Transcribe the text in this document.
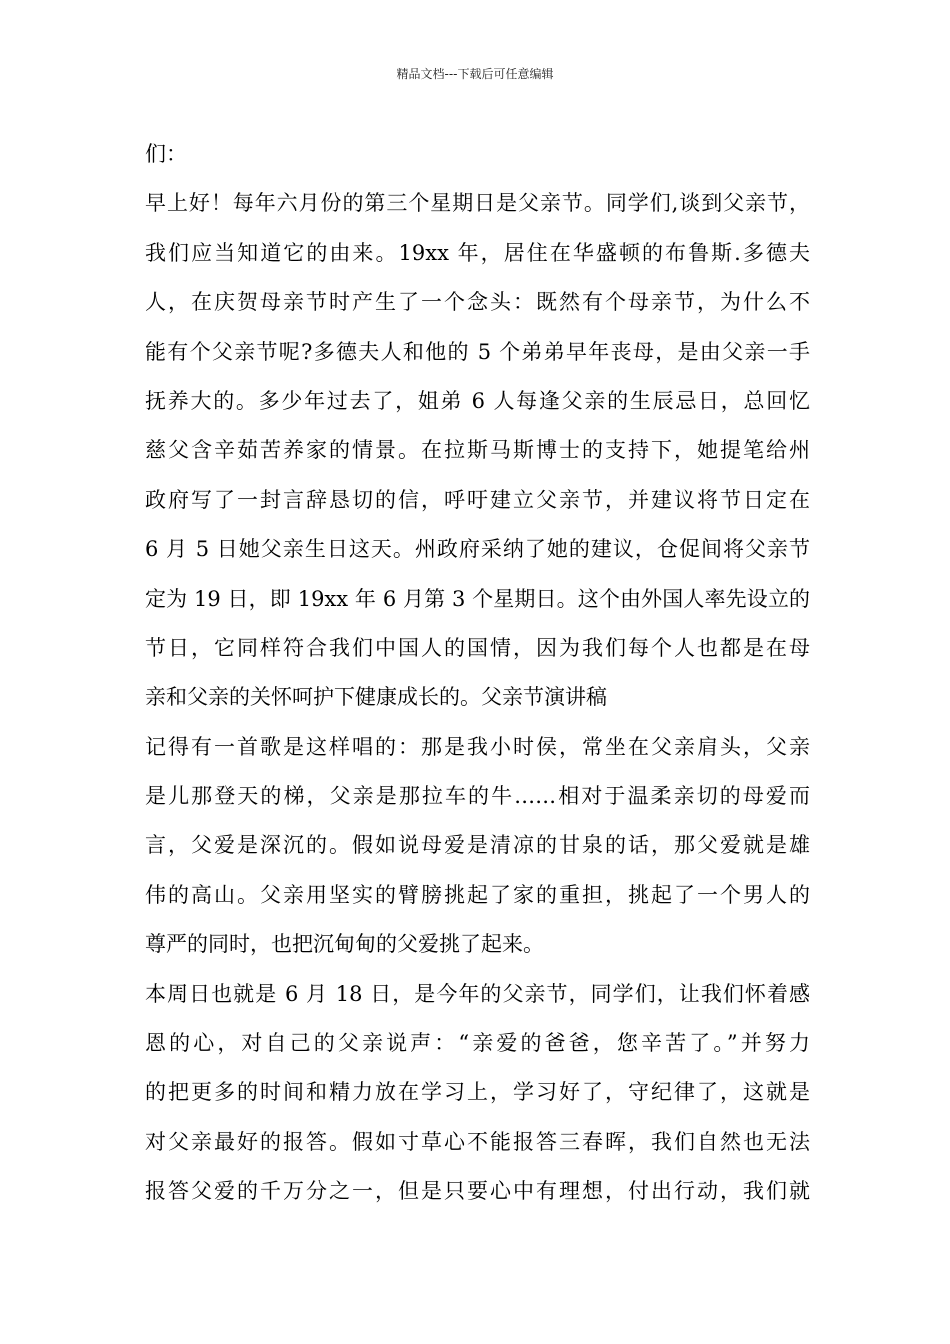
精品文档---下载后可任意编辑
们：
早上好！每年六月份的第三个星期日是父亲节。同学们,谈到父亲节，
我们应当知道它的由来。19xx 年，居住在华盛顿的布鲁斯.多德夫
人，在庆贺母亲节时产生了一个念头：既然有个母亲节，为什么不
能有个父亲节呢?多德夫人和他的 5 个弟弟早年丧母，是由父亲一手
抚养大的。多少年过去了，姐弟 6 人每逢父亲的生辰忌日，总回忆
慈父含辛茹苦养家的情景。在拉斯马斯博士的支持下，她提笔给州
政府写了一封言辞恳切的信，呼吁建立父亲节，并建议将节日定在
6 月 5 日她父亲生日这天。州政府采纳了她的建议，仓促间将父亲节
定为 19 日，即 19xx 年 6 月第 3 个星期日。这个由外国人率先设立的
节日，它同样符合我们中国人的国情，因为我们每个人也都是在母
亲和父亲的关怀呵护下健康成长的。父亲节演讲稿
记得有一首歌是这样唱的：那是我小时侯，常坐在父亲肩头，父亲
是儿那登天的梯，父亲是那拉车的牛……相对于温柔亲切的母爱而
言，父爱是深沉的。假如说母爱是清凉的甘泉的话，那父爱就是雄
伟的高山。父亲用坚实的臂膀挑起了家的重担，挑起了一个男人的
尊严的同时，也把沉甸甸的父爱挑了起来。
本周日也就是 6 月 18 日，是今年的父亲节，同学们，让我们怀着感
恩的心，对自己的父亲说声：“亲爱的爸爸，您辛苦了。”并努力
的把更多的时间和精力放在学习上，学习好了，守纪律了，这就是
对父亲最好的报答。假如寸草心不能报答三春晖，我们自然也无法
报答父爱的千万分之一，但是只要心中有理想，付出行动，我们就
